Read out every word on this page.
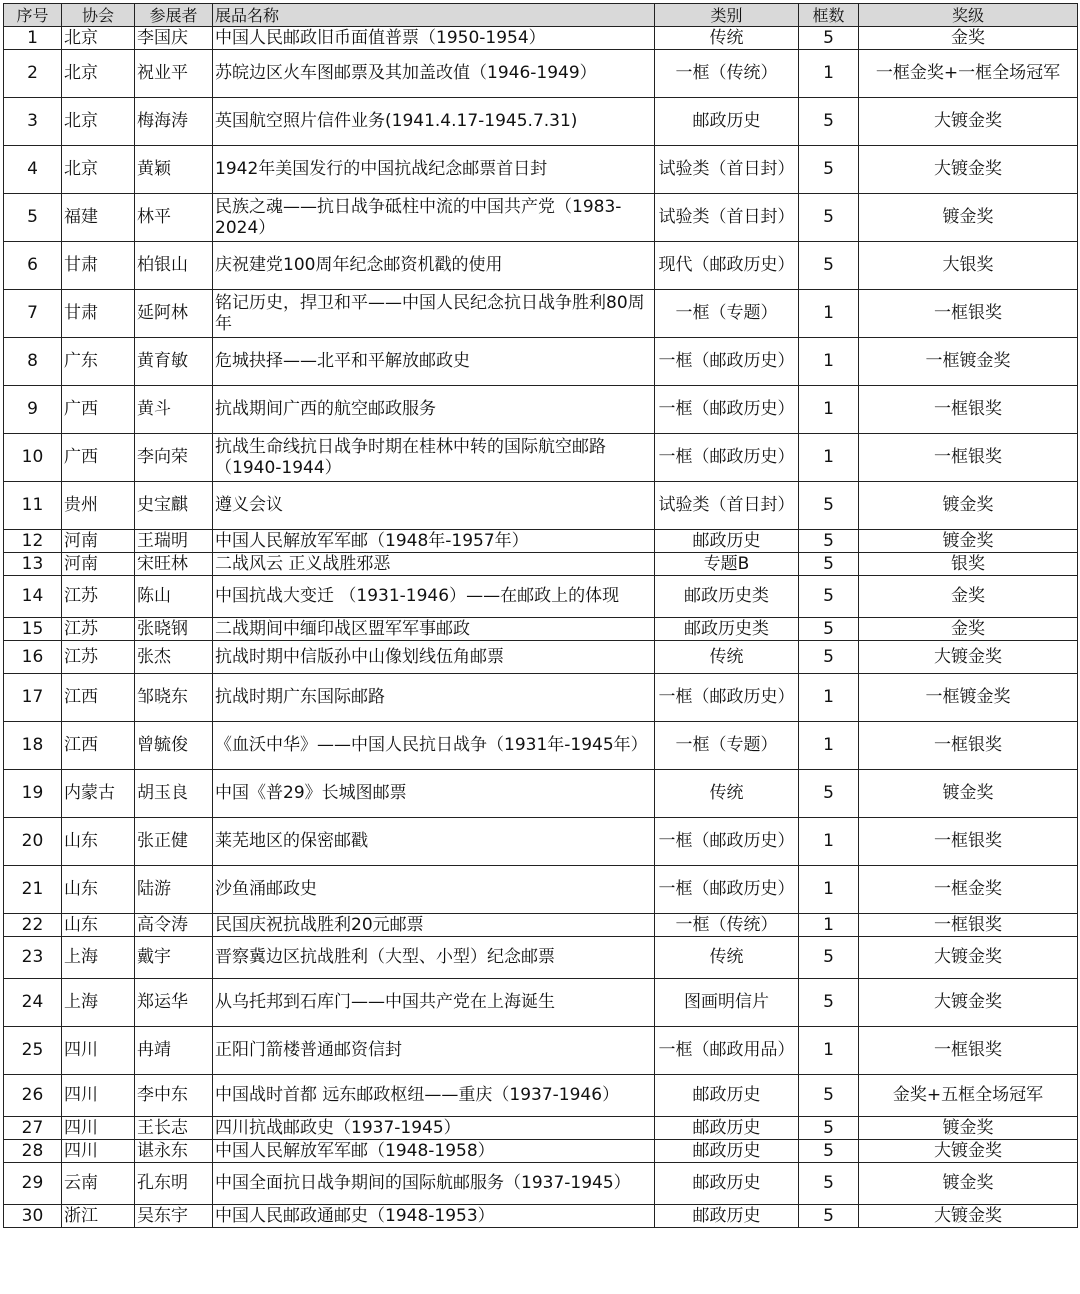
序号	协会	参展者	展品名称	类别	框数	奖级
1	北京	李国庆	中国人民邮政旧币面值普票（1950-1954）	传统	5	金奖
2	北京	祝业平	苏皖边区火车图邮票及其加盖改值（1946-1949）	一框（传统）	1	一框金奖+一框全场冠军
3	北京	梅海涛	英国航空照片信件业务(1941.4.17-1945.7.31)	邮政历史	5	大镀金奖
4	北京	黄颖	1942年美国发行的中国抗战纪念邮票首日封	试验类（首日封）	5	大镀金奖
5	福建	林平	民族之魂——抗日战争砥柱中流的中国共产党（1983-2024）	试验类（首日封）	5	镀金奖
6	甘肃	柏银山	庆祝建党100周年纪念邮资机戳的使用	现代（邮政历史）	5	大银奖
7	甘肃	延阿林	铭记历史，捍卫和平——中国人民纪念抗日战争胜利80周年	一框（专题）	1	一框银奖
8	广东	黄育敏	危城抉择——北平和平解放邮政史	一框（邮政历史）	1	一框镀金奖
9	广西	黄斗	抗战期间广西的航空邮政服务	一框（邮政历史）	1	一框银奖
10	广西	李向荣	抗战生命线抗日战争时期在桂林中转的国际航空邮路（1940-1944）	一框（邮政历史）	1	一框银奖
11	贵州	史宝麒	遵义会议	试验类（首日封）	5	镀金奖
12	河南	王瑞明	中国人民解放军军邮（1948年-1957年）	邮政历史	5	镀金奖
13	河南	宋旺林	二战风云 正义战胜邪恶	专题B	5	银奖
14	江苏	陈山	中国抗战大变迁 （1931-1946）——在邮政上的体现	邮政历史类	5	金奖
15	江苏	张晓钢	二战期间中缅印战区盟军军事邮政	邮政历史类	5	金奖
16	江苏	张杰	抗战时期中信版孙中山像划线伍角邮票	传统	5	大镀金奖
17	江西	邹晓东	抗战时期广东国际邮路	一框（邮政历史）	1	一框镀金奖
18	江西	曾毓俊	《血沃中华》——中国人民抗日战争（1931年-1945年）	一框（专题）	1	一框银奖
19	内蒙古	胡玉良	中国《普29》长城图邮票	传统	5	镀金奖
20	山东	张正健	莱芜地区的保密邮戳	一框（邮政历史）	1	一框银奖
21	山东	陆游	沙鱼涌邮政史	一框（邮政历史）	1	一框金奖
22	山东	高令涛	民国庆祝抗战胜利20元邮票	一框（传统）	1	一框银奖
23	上海	戴宇	晋察冀边区抗战胜利（大型、小型）纪念邮票	传统	5	大镀金奖
24	上海	郑运华	从乌托邦到石库门——中国共产党在上海诞生	图画明信片	5	大镀金奖
25	四川	冉靖	正阳门箭楼普通邮资信封	一框（邮政用品）	1	一框银奖
26	四川	李中东	中国战时首都 远东邮政枢纽——重庆（1937-1946）	邮政历史	5	金奖+五框全场冠军
27	四川	王长志	四川抗战邮政史（1937-1945）	邮政历史	5	镀金奖
28	四川	谌永东	中国人民解放军军邮（1948-1958）	邮政历史	5	大镀金奖
29	云南	孔东明	中国全面抗日战争期间的国际航邮服务（1937-1945）	邮政历史	5	镀金奖
30	浙江	吴东宇	中国人民邮政通邮史（1948-1953）	邮政历史	5	大镀金奖
